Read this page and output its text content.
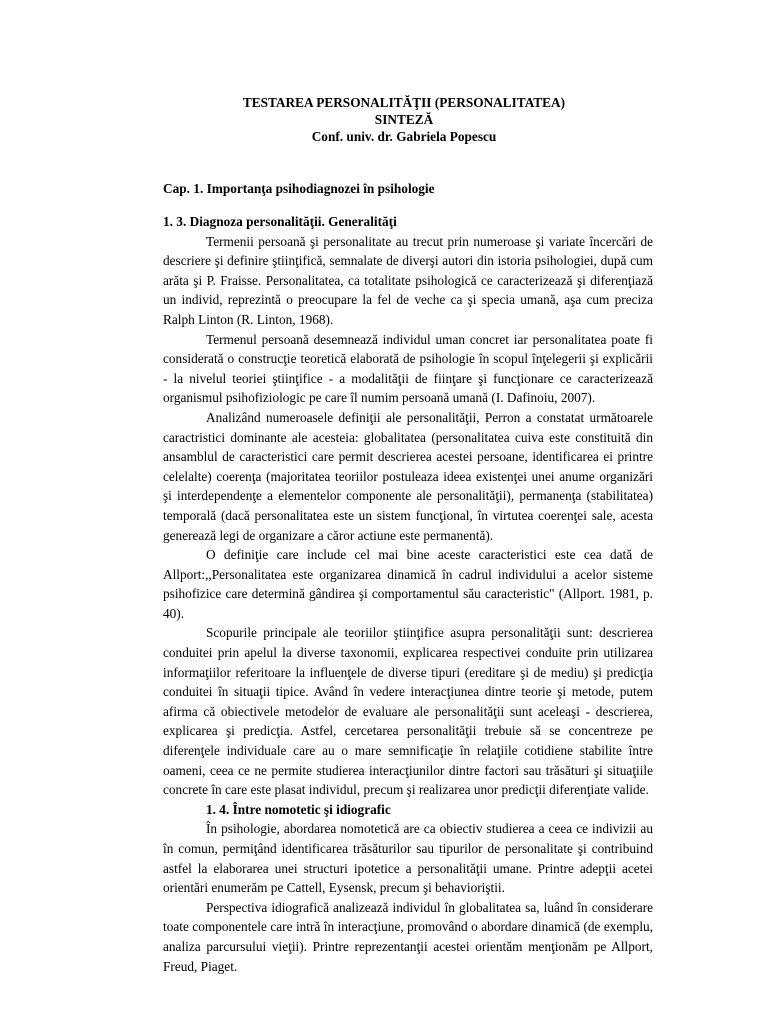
TESTAREA PERSONALITĂŢII (PERSONALITATEA)
SINTEZĂ
Conf. univ. dr. Gabriela Popescu
Cap. 1. Importanţa psihodiagnozei în psihologie
1. 3. Diagnoza personalităţii. Generalităţi

Termenii persoană şi personalitate au trecut prin numeroase şi variate încercări de descriere şi definire ştiinţifică, semnalate de diverşi autori din istoria psihologiei, după cum arăta şi P. Fraisse. Personalitatea, ca totalitate psihologică ce caracterizează şi diferenţiază un individ, reprezintă o preocupare la fel de veche ca şi specia umană, aşa cum preciza Ralph Linton (R. Linton, 1968).

Termenul persoană desemnează individul uman concret iar personalitatea poate fi considerată o construcţie teoretică elaborată de psihologie în scopul înţelegerii şi explicării - la nivelul teoriei ştiinţifice - a modalităţii de fiinţare şi funcţionare ce caracterizează organismul psihofiziologic pe care îl numim persoană umană (I. Dafinoiu, 2007).

Analizând numeroasele definiţii ale personalităţii, Perron a constatat următoarele caractristici dominante ale acesteia: globalitatea (personalitatea cuiva este constituită din ansamblul de caracteristici care permit descrierea acestei persoane, identificarea ei printre celelalte) coerenţa (majoritatea teoriilor postuleaza ideea existenţei unei anume organizări şi interdependenţe a elementelor componente ale personalităţii), permanenţa (stabilitatea) temporală (dacă personalitatea este un sistem funcţional, în virtutea coerenţei sale, acesta generează legi de organizare a căror actiune este permanentă).

O definiţie care include cel mai bine aceste caracteristici este cea dată de Allport:,,Personalitatea este organizarea dinamică în cadrul individului a acelor sisteme psihofizice care determină gândirea şi comportamentul său caracteristic" (Allport. 1981, p. 40).

Scopurile principale ale teoriilor ştiinţifice asupra personalităţii sunt: descrierea conduitei prin apelul la diverse taxonomii, explicarea respectivei conduite prin utilizarea informaţiilor referitoare la influenţele de diverse tipuri (ereditare şi de mediu) şi predicţia conduitei în situaţii tipice. Având în vedere interacţiunea dintre teorie şi metode, putem afirma că obiectivele metodelor de evaluare ale personalităţii sunt aceleaşi - descrierea, explicarea şi predicţia. Astfel, cercetarea personalităţii trebuie să se concentreze pe diferenţele individuale care au o mare semnificaţie în relaţiile cotidiene stabilite între oameni, ceea ce ne permite studierea interacţiunilor dintre factori sau trăsături şi situaţiile concrete în care este plasat individul, precum şi realizarea unor predicţii diferenţiate valide.

1. 4. Între nomotetic şi idiografic

În psihologie, abordarea nomotetică are ca obiectiv studierea a ceea ce indivizii au în comun, permiţând identificarea trăsăturilor sau tipurilor de personalitate şi contribuind astfel la elaborarea unei structuri ipotetice a personalităţii umane. Printre adepţii acetei orientări enumerăm pe Cattell, Eysensk, precum şi behavioriştii.

Perspectiva idiografică analizează individul în globalitatea sa, luând în considerare toate componentele care intră în interacţiune, promovând o abordare dinamică (de exemplu, analiza parcursului vieţii). Printre reprezentanţii acestei orientăm menţionăm pe Allport, Freud, Piaget.
